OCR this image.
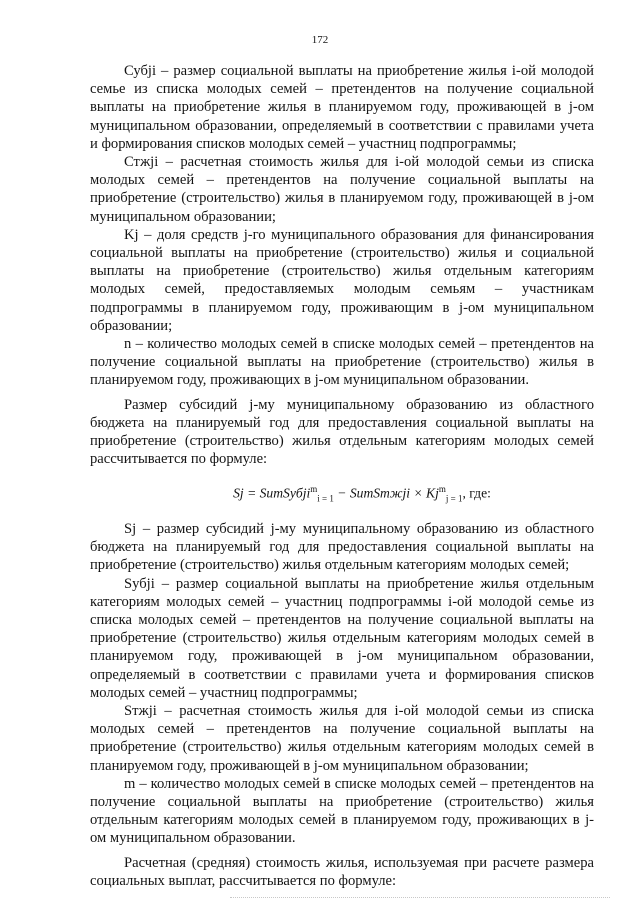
172

Субji – размер социальной выплаты на приобретение жилья i-ой молодой семье из списка молодых семей – претендентов на получение социальной выплаты на приобретение жилья в планируемом году, проживающей в j-ом муниципальном образовании, определяемый в соответствии с правилами учета и формирования списков молодых семей – участниц подпрограммы;

Стжji – расчетная стоимость жилья для i-ой молодой семьи из списка молодых семей – претендентов на получение социальной выплаты на приобретение (строительство) жилья в планируемом году, проживающей в j-ом муниципальном образовании;

Kj – доля средств j-го муниципального образования для финансирования социальной выплаты на приобретение (строительство) жилья и социальной выплаты на приобретение (строительство) жилья отдельным категориям молодых семей, предоставляемых молодым семьям – участникам подпрограммы в планируемом году, проживающим в j-ом муниципальном образовании;

n – количество молодых семей в списке молодых семей – претендентов на получение социальной выплаты на приобретение (строительство) жилья в планируемом году, проживающих в j-ом муниципальном образовании.

Размер субсидий j-му муниципальному образованию из областного бюджета на планируемый год для предоставления социальной выплаты на приобретение (строительство) жилья отдельным категориям молодых семей рассчитывается по формуле:

Sj = SumSубji$^m_{i = 1}$ − SumSmжji × $Kj^m_{j = 1}$, где:

Sj – размер субсидий j-му муниципальному образованию из областного бюджета на планируемый год для предоставления социальной выплаты на приобретение (строительство) жилья отдельным категориям молодых семей;

Sубji – размер социальной выплаты на приобретение жилья отдельным категориям молодых семей – участниц подпрограммы i-ой молодой семье из списка молодых семей – претендентов на получение социальной выплаты на приобретение (строительство) жилья отдельным категориям молодых семей в планируемом году, проживающей в j-ом муниципальном образовании, определяемый в соответствии с правилами учета и формирования списков молодых семей – участниц подпрограммы;

Sтжji – расчетная стоимость жилья для i-ой молодой семьи из списка молодых семей – претендентов на получение социальной выплаты на приобретение (строительство) жилья отдельным категориям молодых семей в планируемом году, проживающей в j-ом муниципальном образовании;

m – количество молодых семей в списке молодых семей – претендентов на получение социальной выплаты на приобретение (строительство) жилья отдельным категориям молодых семей в планируемом году, проживающих в j-ом муниципальном образовании.

Расчетная (средняя) стоимость жилья, используемая при расчете размера социальных выплат, рассчитывается по формуле:
